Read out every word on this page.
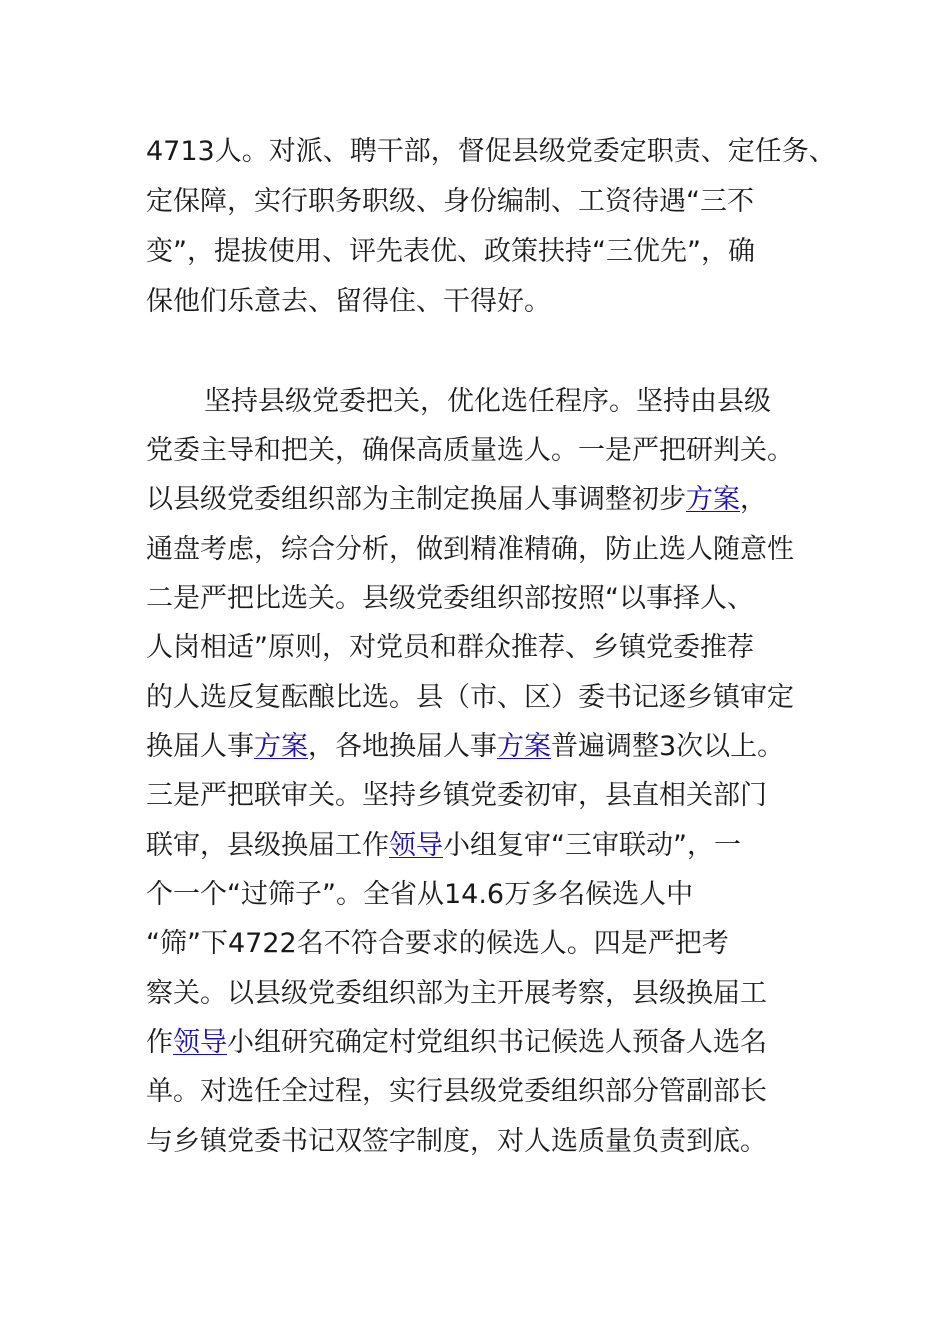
4713人。对派、聘干部，督促县级党委定职责、定任务、
定保障，实行职务职级、身份编制、工资待遇“三不
变”，提拔使用、评先表优、政策扶持“三优先”，确
保他们乐意去、留得住、干得好。
坚持县级党委把关，优化选任程序。坚持由县级
党委主导和把关，确保高质量选人。一是严把研判关。
以县级党委组织部为主制定换届人事调整初步方案，
通盘考虑，综合分析，做到精准精确，防止选人随意性
二是严把比选关。县级党委组织部按照“以事择人、
人岗相适”原则，对党员和群众推荐、乡镇党委推荐
的人选反复酝酿比选。县（市、区）委书记逐乡镇审定
换届人事方案，各地换届人事方案普遍调整3次以上。
三是严把联审关。坚持乡镇党委初审，县直相关部门
联审，县级换届工作领导小组复审“三审联动”，一
个一个“过筛子”。全省从14.6万多名候选人中
“筛”下4722名不符合要求的候选人。四是严把考
察关。以县级党委组织部为主开展考察，县级换届工
作领导小组研究确定村党组织书记候选人预备人选名
单。对选任全过程，实行县级党委组织部分管副部长
与乡镇党委书记双签字制度，对人选质量负责到底。
